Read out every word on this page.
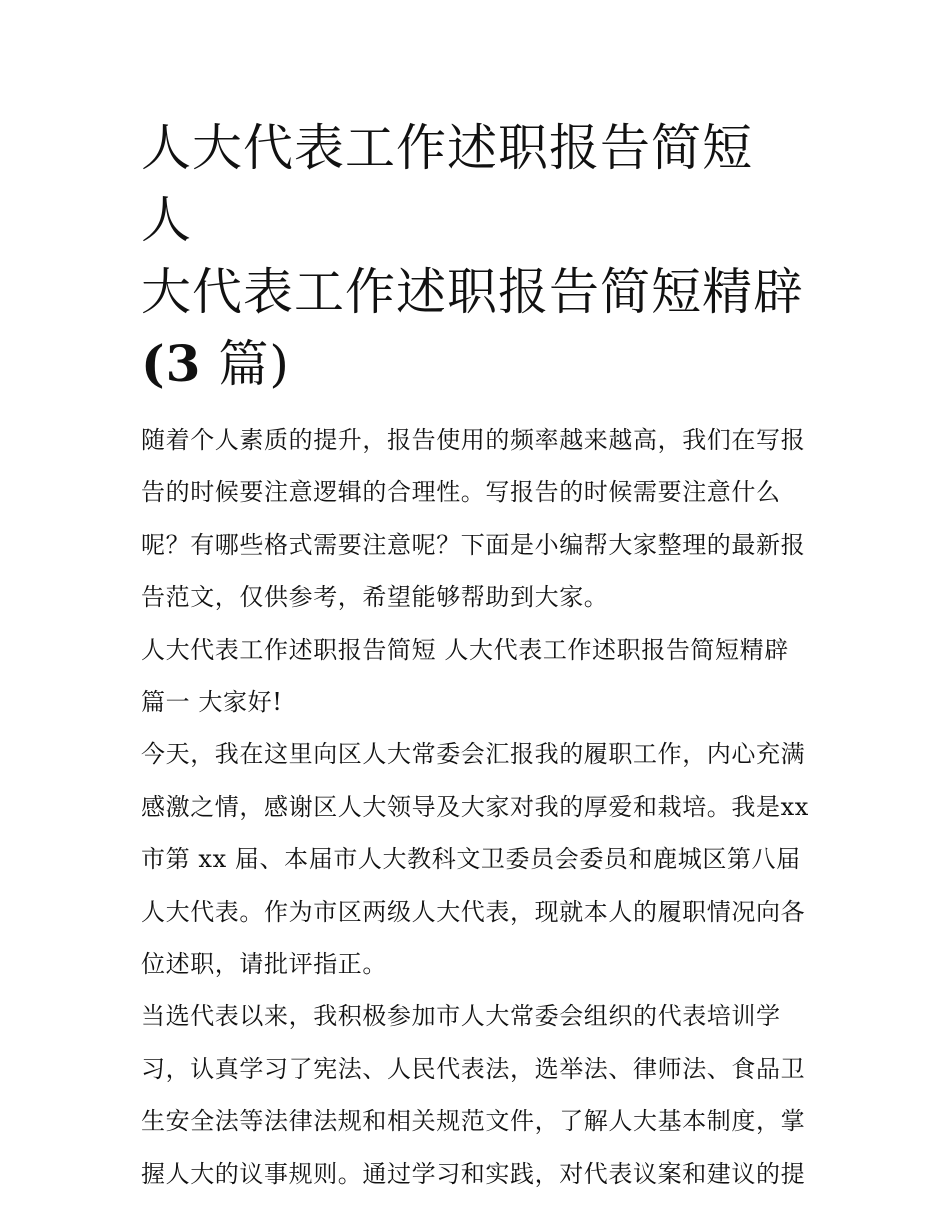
人大代表工作述职报告简短 人
大代表工作述职报告简短精辟
(3 篇)

随着个人素质的提升，报告使用的频率越来越高，我们在写报告的时候要注意逻辑的合理性。写报告的时候需要注意什么呢？有哪些格式需要注意呢？下面是小编帮大家整理的最新报告范文，仅供参考，希望能够帮助到大家。

人大代表工作述职报告简短 人大代表工作述职报告简短精辟篇一 大家好!

今天，我在这里向区人大常委会汇报我的履职工作，内心充满感激之情，感谢区人大领导及大家对我的厚爱和栽培。我是xx 市第 xx 届、本届市人大教科文卫委员会委员和鹿城区第八届人大代表。作为市区两级人大代表，现就本人的履职情况向各位述职，请批评指正。

当选代表以来，我积极参加市人大常委会组织的代表培训学习，认真学习了宪法、人民代表法，选举法、律师法、食品卫生安全法等法律法规和相关规范文件，了解人大基本制度，掌握人大的议事规则。通过学习和实践，对代表议案和建议的提
